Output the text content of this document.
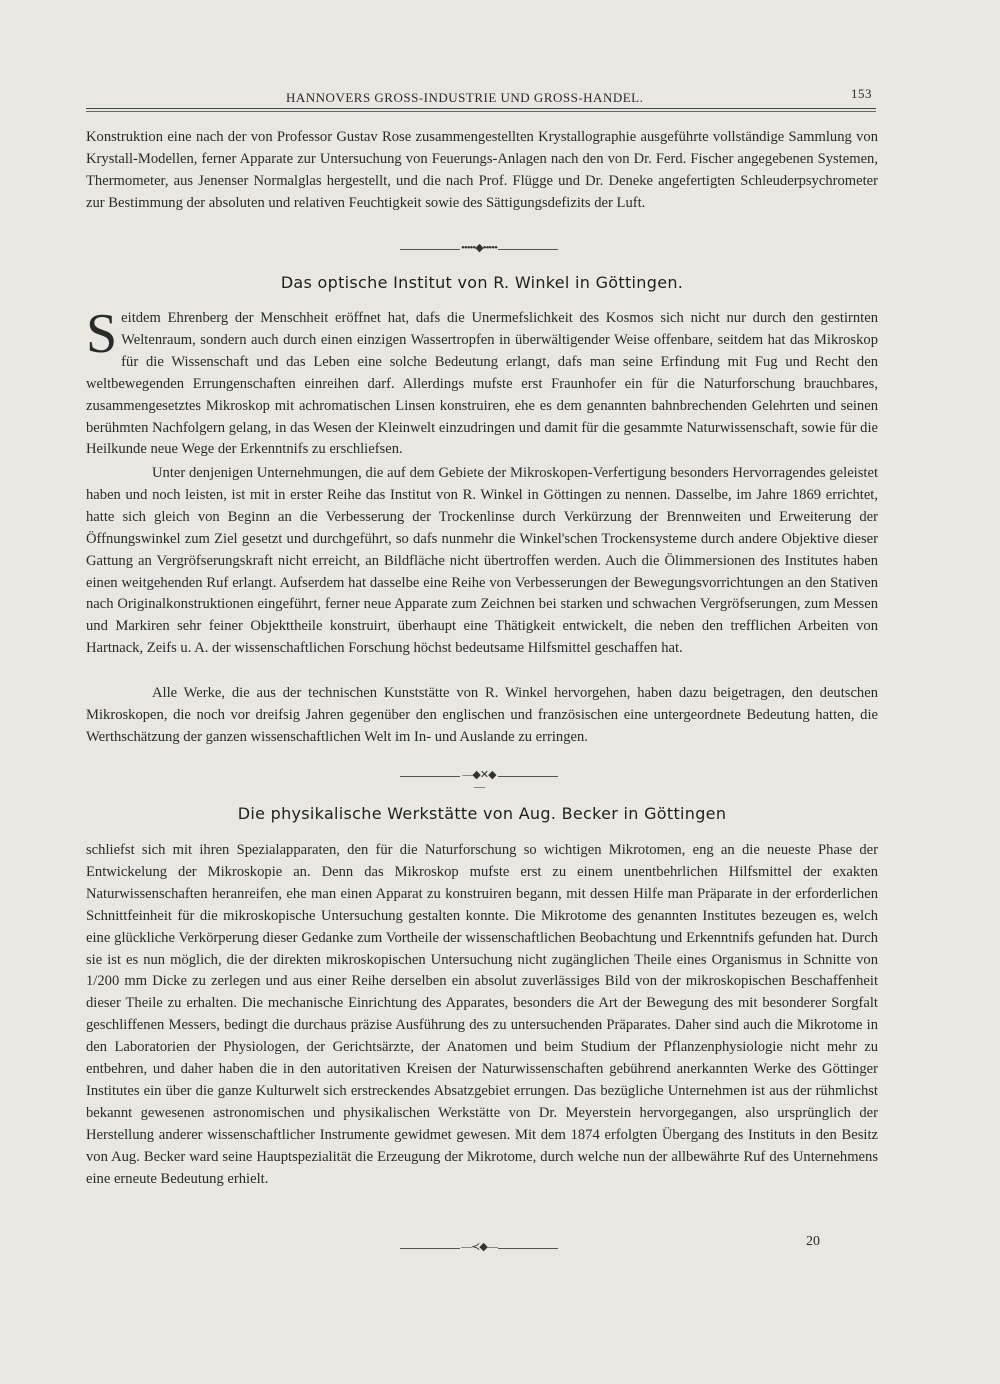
HANNOVERS GROSS-INDUSTRIE UND GROSS-HANDEL.	153

Konstruktion eine nach der von Professor Gustav Rose zusammengestellten Krystallographie ausgeführte vollständige Sammlung von Krystall-Modellen, ferner Apparate zur Untersuchung von Feuerungs-Anlagen nach den von Dr. Ferd. Fischer angegebenen Systemen, Thermometer, aus Jenenser Normalglas hergestellt, und die nach Prof. Flügge und Dr. Deneke angefertigten Schleuderpsychrometer zur Bestimmung der absoluten und relativen Feuchtigkeit sowie des Sättigungsdefizits der Luft.

•••••◆•••••
Das optische Institut von R. Winkel in Göttingen.

Seitdem Ehrenberg der Menschheit eröffnet hat, dafs die Unermefslichkeit des Kosmos sich nicht nur durch den gestirnten Weltenraum, sondern auch durch einen einzigen Wassertropfen in überwältigender Weise offenbare, seitdem hat das Mikroskop für die Wissenschaft und das Leben eine solche Bedeutung erlangt, dafs man seine Erfindung mit Fug und Recht den weltbewegenden Errungenschaften einreihen darf. Allerdings mufste erst Fraunhofer ein für die Naturforschung brauchbares, zusammengesetztes Mikroskop mit achromatischen Linsen konstruiren, ehe es dem genannten bahnbrechenden Gelehrten und seinen berühmten Nachfolgern gelang, in das Wesen der Kleinwelt einzudringen und damit für die gesammte Naturwissenschaft, sowie für die Heilkunde neue Wege der Erkenntnifs zu erschliefsen.

Unter denjenigen Unternehmungen, die auf dem Gebiete der Mikroskopen-Verfertigung besonders Hervorragendes geleistet haben und noch leisten, ist mit in erster Reihe das Institut von R. Winkel in Göttingen zu nennen. Dasselbe, im Jahre 1869 errichtet, hatte sich gleich von Beginn an die Verbesserung der Trockenlinse durch Verkürzung der Brennweiten und Erweiterung der Öffnungswinkel zum Ziel gesetzt und durchgeführt, so dafs nunmehr die Winkel'schen Trockensysteme durch andere Objektive dieser Gattung an Vergröfserungskraft nicht erreicht, an Bildfläche nicht übertroffen werden. Auch die Ölimmersionen des Institutes haben einen weitgehenden Ruf erlangt. Aufserdem hat dasselbe eine Reihe von Verbesserungen der Bewegungsvorrichtungen an den Stativen nach Originalkonstruktionen eingeführt, ferner neue Apparate zum Zeichnen bei starken und schwachen Vergröfserungen, zum Messen und Markiren sehr feiner Objekttheile konstruirt, überhaupt eine Thätigkeit entwickelt, die neben den trefflichen Arbeiten von Hartnack, Zeifs u. A. der wissenschaftlichen Forschung höchst bedeutsame Hilfsmittel geschaffen hat.

Alle Werke, die aus der technischen Kunststätte von R. Winkel hervorgehen, haben dazu beigetragen, den deutschen Mikroskopen, die noch vor dreifsig Jahren gegenüber den englischen und französischen eine untergeordnete Bedeutung hatten, die Werthschätzung der ganzen wissenschaftlichen Welt im In- und Auslande zu erringen.

—◆✕◆—
Die physikalische Werkstätte von Aug. Becker in Göttingen

schliefst sich mit ihren Spezialapparaten, den für die Naturforschung so wichtigen Mikrotomen, eng an die neueste Phase der Entwickelung der Mikroskopie an. Denn das Mikroskop mufste erst zu einem unentbehrlichen Hilfsmittel der exakten Naturwissenschaften heranreifen, ehe man einen Apparat zu konstruiren begann, mit dessen Hilfe man Präparate in der erforderlichen Schnittfeinheit für die mikroskopische Untersuchung gestalten konnte. Die Mikrotome des genannten Institutes bezeugen es, welch eine glückliche Verkörperung dieser Gedanke zum Vortheile der wissenschaftlichen Beobachtung und Erkenntnifs gefunden hat. Durch sie ist es nun möglich, die der direkten mikroskopischen Untersuchung nicht zugänglichen Theile eines Organismus in Schnitte von 1/200 mm Dicke zu zerlegen und aus einer Reihe derselben ein absolut zuverlässiges Bild von der mikroskopischen Beschaffenheit dieser Theile zu erhalten. Die mechanische Einrichtung des Apparates, besonders die Art der Bewegung des mit besonderer Sorgfalt geschliffenen Messers, bedingt die durchaus präzise Ausführung des zu untersuchenden Präparates. Daher sind auch die Mikrotome in den Laboratorien der Physiologen, der Gerichtsärzte, der Anatomen und beim Studium der Pflanzenphysiologie nicht mehr zu entbehren, und daher haben die in den autoritativen Kreisen der Naturwissenschaften gebührend anerkannten Werke des Göttinger Institutes ein über die ganze Kulturwelt sich erstreckendes Absatzgebiet errungen. Das bezügliche Unternehmen ist aus der rühmlichst bekannt gewesenen astronomischen und physikalischen Werkstätte von Dr. Meyerstein hervorgegangen, also ursprünglich der Herstellung anderer wissenschaftlicher Instrumente gewidmet gewesen. Mit dem 1874 erfolgten Übergang des Instituts in den Besitz von Aug. Becker ward seine Hauptspezialität die Erzeugung der Mikrotome, durch welche nun der allbewährte Ruf des Unternehmens eine erneute Bedeutung erhielt.

—≺◆—	20
